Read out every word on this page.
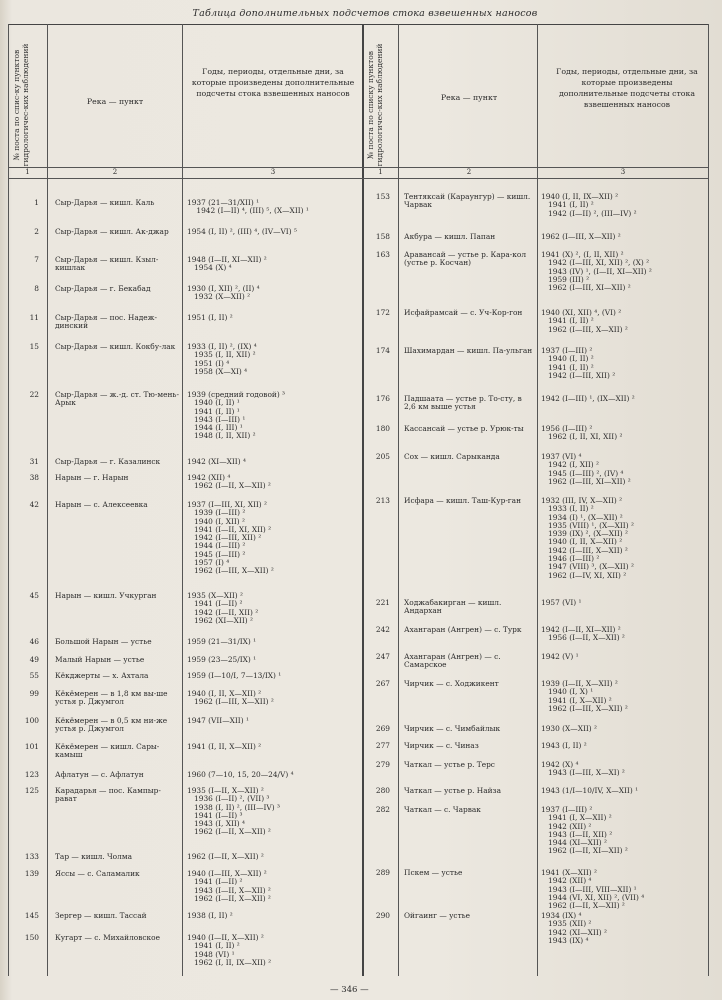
Таблица дополнительных подсчетов стока взвешенных наносов
№ поста по спис-ку пунктов гидрологичес-ких наблюдений	Река — пункт
Годы, периоды, отдельные дни, за которые произведены дополнительные подсчеты стока взвешенных наносов
1	2	3
№ поста по списку пунктов гидрологичес-ких наблюдений	Река — пункт
Годы, периоды, отдельные дни, за которые произведены дополнительные подсчеты стока взвешенных наносов
1	2	3
1 Сыр-Дарья — кишл. Каль	1937 (21—31/XII) ¹
1942 (I—II) ⁴, (III) ⁵, (X—XII) ¹
2 Сыр-Дарья — кишл. Ак-джар	1954 (I, II) ², (III) ⁴, (IV—VI) ⁵
7 Сыр-Дарья — кишл. Кзыл-кишлак
1948 (I—II, XI—XII) ²
1954 (X) ⁴
8 Сыр-Дарья — г. Бекабад	1930 (I, XII) ², (II) ⁴
1932 (X—XII) ²
11 Сыр-Дарья — пос. Надеж-динский
1951 (I, II) ²
15 Сыр-Дарья — кишл. Кокбу-лак	1933 (I, II) ², (IX) ⁴
1935 (I, II, XII) ²
1951 (I) ⁴
1958 (X—XI) ⁴
22 Сыр-Дарья — ж.-д. ст. Тю-мень-Арык
1939 (средний годовой) ³
1940 (I, II) ¹
1941 (I, II) ¹
1943 (I—III) ¹
1944 (I, III) ¹
1948 (I, II, XII) ²
31 Сыр-Дарья — г. Казалинск	1942 (XI—XII) ⁴
38 Нарын — г. Нарын	1942 (XII) ⁴
1962 (I—II, X—XII) ²
42 Нарын — с. Алексеевка	1937 (I—III, XI, XII) ²
1939 (I—III) ²
1940 (I, XII) ²
1941 (I—II, XI, XII) ²
1942 (I—III, XII) ²
1944 (I—III) ²
1945 (I—III) ²
1957 (I) ⁴
1962 (I—III, X—XII) ²
45 Нарын — кишл. Учкурган	1935 (X—XII) ²
1941 (I—II) ²
1942 (I—II, XII) ²
1962 (XI—XII) ²
46 Большой Нарын — устье	1959 (21—31/IX) ¹
49 Малый Нарын — устье	1959 (23—25/IX) ¹
55 Кёкджерты — х. Ахтала	1959 (I—10/I, 7—13/IX) ¹
99 Кёкёмерен — в 1,8 км вы-ше устья р. Джумгол
1940 (I, II, X—XII) ²
1962 (I—III, X—XII) ²
100 Кёкёмерен — в 0,5 км ни-же устья р. Джумгол
1947 (VII—XII) ¹
101 Кёкёмерен — кишл. Сары-камыш
1941 (I, II, X—XII) ²
123 Афлатун — с. Афлатун	1960 (7—10, 15, 20—24/V) ⁴
125 Карадарья — пос. Кампыр-рават
1935 (I—II, X—XII) ²
1936 (I—II) ², (VII) ³
1938 (I, II) ², (III—IV) ³
1941 (I—II) ³
1943 (I, XII) ⁴
1962 (I—II, X—XII) ²
133 Тар — кишл. Чолма	1962 (I—II, X—XII) ²
139 Яссы — с. Саламалик	1940 (I—III, X—XII) ²
1941 (I—II) ²
1943 (I—II, X—XII) ²
1962 (I—II, X—XII) ²
145 Зергер — кишл. Тассай	1938 (I, II) ²
150 Кугарт — с. Михайловское	1940 (I—II, X—XII) ²
1941 (I, II) ²
1948 (VI) ¹
1962 (I, II, IX—XII) ²
153 Тентяксай (Караунгур) — кишл. Чарвак
1940 (I, II, IX—XII) ²
1941 (I, II) ²
1942 (I—II) ², (III—IV) ²
158 Акбура — кишл. Папан	1962 (I—III, X—XII) ²
163 Аравансай — устье р. Кара-кол (устье р. Косчан)
1941 (X) ², (I, II, XII) ²
1942 (I—III, XI, XII) ², (X) ²
1943 (IV) ¹, (I—II, XI—XII) ²
1959 (III) ²
1962 (I—III, XI—XII) ²
172 Исфайрамсай — с. Уч-Кор-гон	1940 (XI, XII) ⁴, (VI) ²
1941 (I, II) ²
1962 (I—III, X—XII) ²
174 Шахимардан — кишл. Па-ульган 1937 (I—III) ²
1940 (I, II) ²
1941 (I, II) ²
1942 (I—III, XII) ²
176 Падшаата — устье р. То-сту, в 2,6 км выше устья
1942 (I—III) ¹, (IX—XII) ²
180 Кассансай — устье р. Урюк-ты	1956 (I—III) ²
1962 (I, II, XI, XII) ²
205 Сох — кишл. Сарыканда	1937 (VI) ⁴
1942 (I, XII) ²
1945 (I—III) ², (IV) ⁴
1962 (I—III, XI—XII) ²
213 Исфара — кишл. Таш-Кур-ган	1932 (III, IV, X—XII) ²
1933 (I, II) ²
1934 (I) ¹, (X—XII) ²
1935 (VIII) ¹, (X—XII) ²
1939 (IX) ², (X—XII) ²
1940 (I, II, X—XII) ²
1942 (I—III, X—XII) ²
1946 (I—III) ²
1947 (VIII) ³, (X—XII) ²
1962 (I—IV, XI, XII) ²
221 Ходжабакирган — кишл. Андархан
1957 (VI) ¹
242 Ахангаран (Ангрен) — с. Турк	1942 (I—II, XI—XII) ²
1956 (I—II, X—XII) ²
247 Ахангаран (Ангрен) — с. Самарское
1942 (V) ¹
267 Чирчик — с. Ходжикент	1939 (I—II, X—XII) ²
1940 (I, X) ¹
1941 (I, X—XII) ²
1962 (I—III, X—XII) ²
269 Чирчик — с. Чимбайлык	1930 (X—XII) ²
277 Чирчик — с. Чиназ	1943 (I, II) ²
279 Чаткал — устье р. Терс	1942 (X) ⁴
1943 (I—III, X—XI) ²
280 Чаткал — устье р. Найза	1943 (1/I—10/IV, X—XII) ¹
282 Чаткал — с. Чарвак	1937 (I—III) ²
1941 (I, X—XII) ²
1942 (XII) ²
1943 (I—II, XII) ²
1944 (XI—XII) ²
1962 (I—II, XI—XII) ²
289 Пскем — устье	1941 (X—XII) ²
1942 (XII) ⁴
1943 (I—III, VIII—XII) ¹
1944 (VI, XI, XII) ², (VII) ⁴
1962 (I—II, X—XII) ²
290 Ойгаинг — устье	1934 (IX) ⁴
1935 (XII) ²
1942 (XI—XII) ²
1943 (IX) ⁴
— 346 —
